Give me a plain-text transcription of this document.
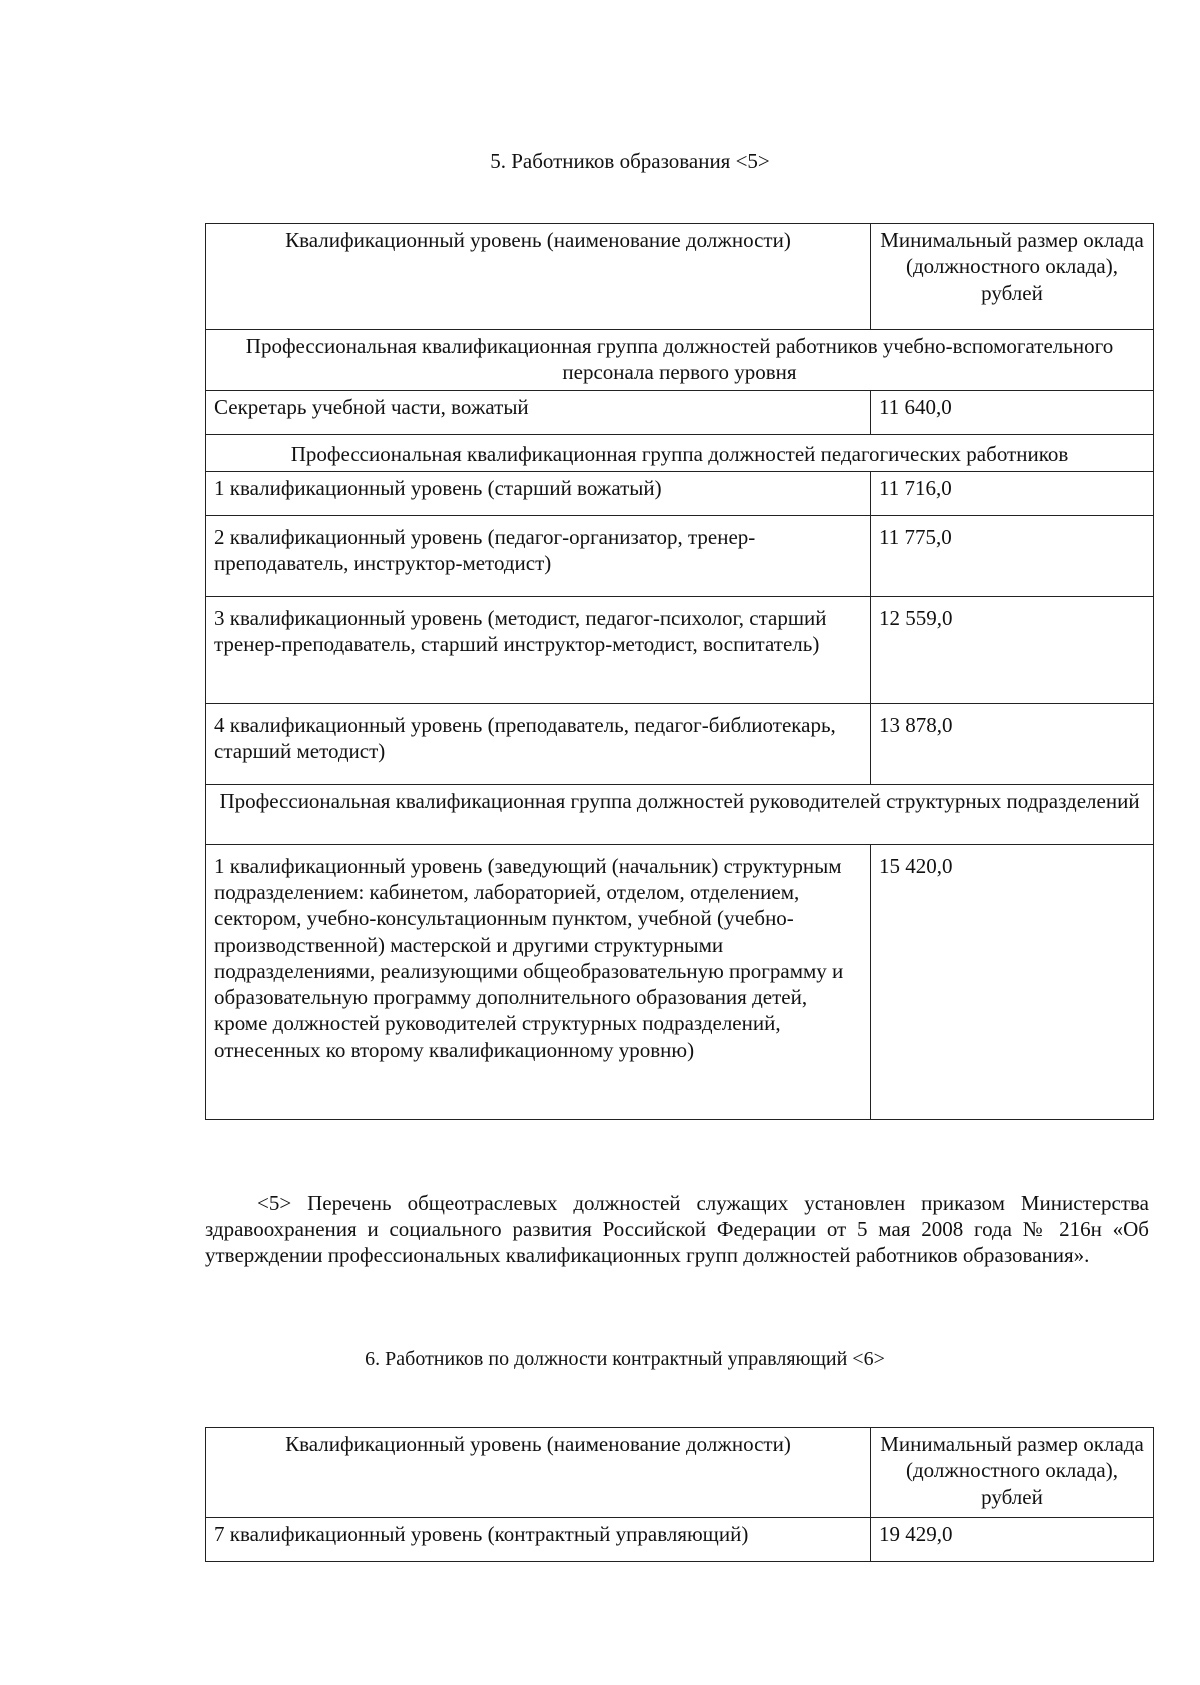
5. Работников образования <5>
Квалификационный уровень (наименование должности)	Минимальный размер оклада (должностного оклада), рублей
Профессиональная квалификационная группа должностей работников учебно-вспомогательного персонала первого уровня	
Секретарь учебной части, вожатый	11 640,0
Профессиональная квалификационная группа должностей педагогических работников	
1 квалификационный уровень (старший вожатый)	11 716,0
2 квалификационный уровень (педагог-организатор, тренер-преподаватель, инструктор-методист)	11 775,0
3 квалификационный уровень (методист, педагог-психолог, старший тренер-преподаватель, старший инструктор-методист, воспитатель)	12 559,0
4 квалификационный уровень (преподаватель, педагог-библиотекарь, старший методист)	13 878,0
Профессиональная квалификационная группа должностей руководителей структурных подразделений	
1 квалификационный уровень (заведующий (начальник) структурным подразделением: кабинетом, лабораторией, отделом, отделением, сектором, учебно-консультационным пунктом, учебной (учебно-производственной) мастерской и другими структурными подразделениями, реализующими общеобразовательную программу и образовательную программу дополнительного образования детей, кроме должностей руководителей структурных подразделений, отнесенных ко второму квалификационному уровню)	15 420,0
<5> Перечень общеотраслевых должностей служащих установлен приказом Министерства здравоохранения и социального развития Российской Федерации от 5 мая 2008 года № 216н «Об утверждении профессиональных квалификационных групп должностей работников образования».
6. Работников по должности контрактный управляющий <6>
Квалификационный уровень (наименование должности)	Минимальный размер оклада (должностного оклада), рублей
7 квалификационный уровень (контрактный управляющий)	19 429,0
